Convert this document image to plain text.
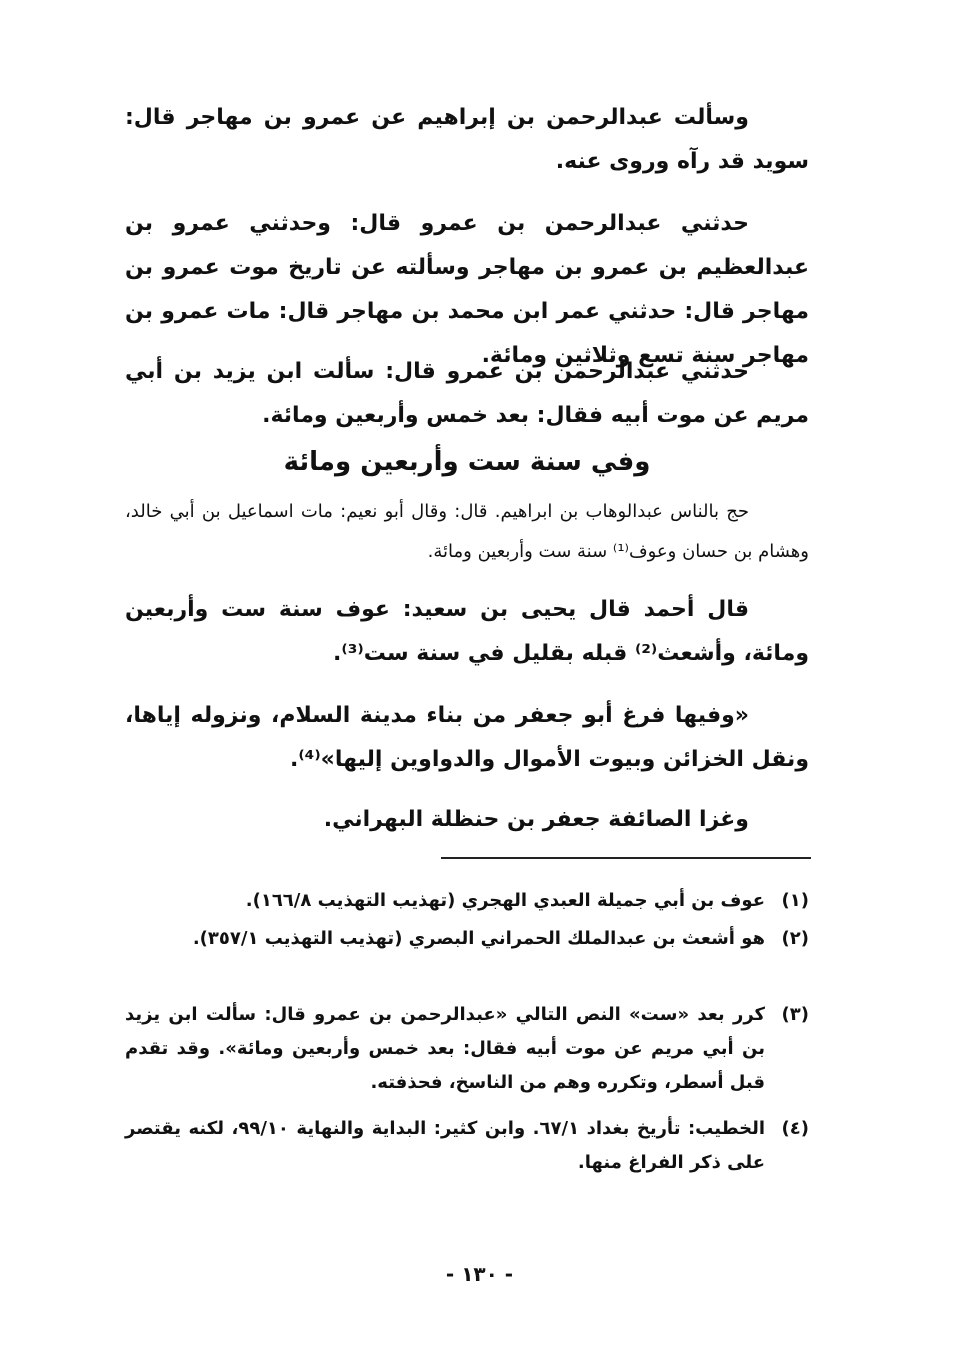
وسألت عبدالرحمن بن إبراهيم عن عمرو بن مهاجر قال: سويد قد رآه وروى عنه.

حدثني عبدالرحمن بن عمرو قال: وحدثني عمرو بن عبدالعظيم بن عمرو بن مهاجر وسألته عن تاريخ موت عمرو بن مهاجر قال: حدثني عمر ابن محمد بن مهاجر قال: مات عمرو بن مهاجر سنة تسع وثلاثين ومائة.

حدثني عبدالرحمن بن عمرو قال: سألت ابن يزيد بن أبي مريم عن موت أبيه فقال: بعد خمس وأربعين ومائة.

وفي سنة ست وأربعين ومائة

حج بالناس عبدالوهاب بن ابراهيم. قال: وقال أبو نعيم: مات اسماعيل بن أبي خالد، وهشام بن حسان وعوف⁽¹⁾ سنة ست وأربعين ومائة.

قال أحمد قال يحيى بن سعيد: عوف سنة ست وأربعين ومائة، وأشعث⁽²⁾ قبله بقليل في سنة ست⁽³⁾.

«وفيها فرغ أبو جعفر من بناء مدينة السلام، ونزوله إياها، ونقل الخزائن وبيوت الأموال والدواوين إليها»⁽⁴⁾.

وغزا الصائفة جعفر بن حنظلة البهراني.

(١)
عوف بن أبي جميلة العبدي الهجري (تهذيب التهذيب ١٦٦/٨).
(٢)
هو أشعث بن عبدالملك الحمراني البصري (تهذيب التهذيب ٣٥٧/١).
(٣)
كرر بعد «ست» النص التالي «عبدالرحمن بن عمرو قال: سألت ابن يزيد بن أبي مريم عن موت أبيه فقال: بعد خمس وأربعين ومائة». وقد تقدم قبل أسطر، وتكرره وهم من الناسخ، فحذفته.
(٤)
الخطيب: تأريخ بغداد ٦٧/١. وابن كثير: البداية والنهاية ٩٩/١٠، لكنه يقتصر على ذكر الفراغ منها.

- ١٣٠ -
